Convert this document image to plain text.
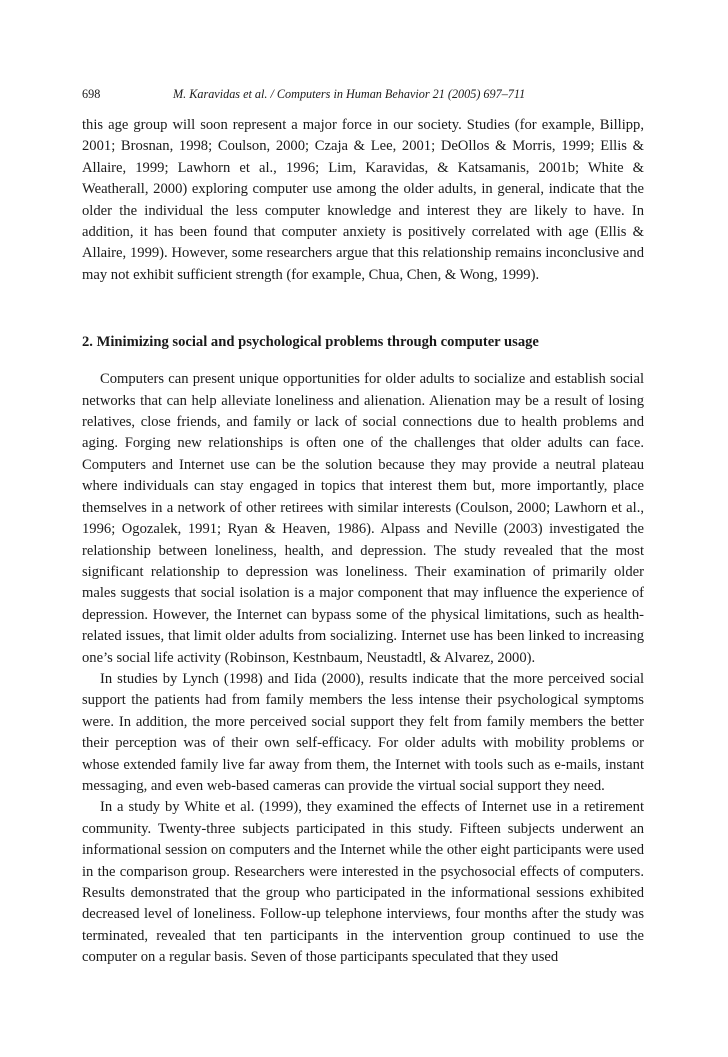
698	M. Karavidas et al. / Computers in Human Behavior 21 (2005) 697–711

this age group will soon represent a major force in our society. Studies (for example, Billipp, 2001; Brosnan, 1998; Coulson, 2000; Czaja & Lee, 2001; DeOllos & Morris, 1999; Ellis & Allaire, 1999; Lawhorn et al., 1996; Lim, Karavidas, & Katsamanis, 2001b; White & Weatherall, 2000) exploring computer use among the older adults, in general, indicate that the older the individual the less computer knowledge and interest they are likely to have. In addition, it has been found that computer anxiety is positively correlated with age (Ellis & Allaire, 1999). However, some researchers argue that this relationship remains inconclusive and may not exhibit sufficient strength (for example, Chua, Chen, & Wong, 1999).

2. Minimizing social and psychological problems through computer usage

Computers can present unique opportunities for older adults to socialize and establish social networks that can help alleviate loneliness and alienation. Alienation may be a result of losing relatives, close friends, and family or lack of social connections due to health problems and aging. Forging new relationships is often one of the challenges that older adults can face. Computers and Internet use can be the solution because they may provide a neutral plateau where individuals can stay engaged in topics that interest them but, more importantly, place themselves in a network of other retirees with similar interests (Coulson, 2000; Lawhorn et al., 1996; Ogozalek, 1991; Ryan & Heaven, 1986). Alpass and Neville (2003) investigated the relationship between loneliness, health, and depression. The study revealed that the most significant relationship to depression was loneliness. Their examination of primarily older males suggests that social isolation is a major component that may influence the experience of depression. However, the Internet can bypass some of the physical limitations, such as health-related issues, that limit older adults from socializing. Internet use has been linked to increasing one’s social life activity (Robinson, Kestnbaum, Neustadtl, & Alvarez, 2000).

In studies by Lynch (1998) and Iida (2000), results indicate that the more perceived social support the patients had from family members the less intense their psychological symptoms were. In addition, the more perceived social support they felt from family members the better their perception was of their own self-efficacy. For older adults with mobility problems or whose extended family live far away from them, the Internet with tools such as e-mails, instant messaging, and even web-based cameras can provide the virtual social support they need.

In a study by White et al. (1999), they examined the effects of Internet use in a retirement community. Twenty-three subjects participated in this study. Fifteen subjects underwent an informational session on computers and the Internet while the other eight participants were used in the comparison group. Researchers were interested in the psychosocial effects of computers. Results demonstrated that the group who participated in the informational sessions exhibited decreased level of loneliness. Follow-up telephone interviews, four months after the study was terminated, revealed that ten participants in the intervention group continued to use the computer on a regular basis. Seven of those participants speculated that they used
